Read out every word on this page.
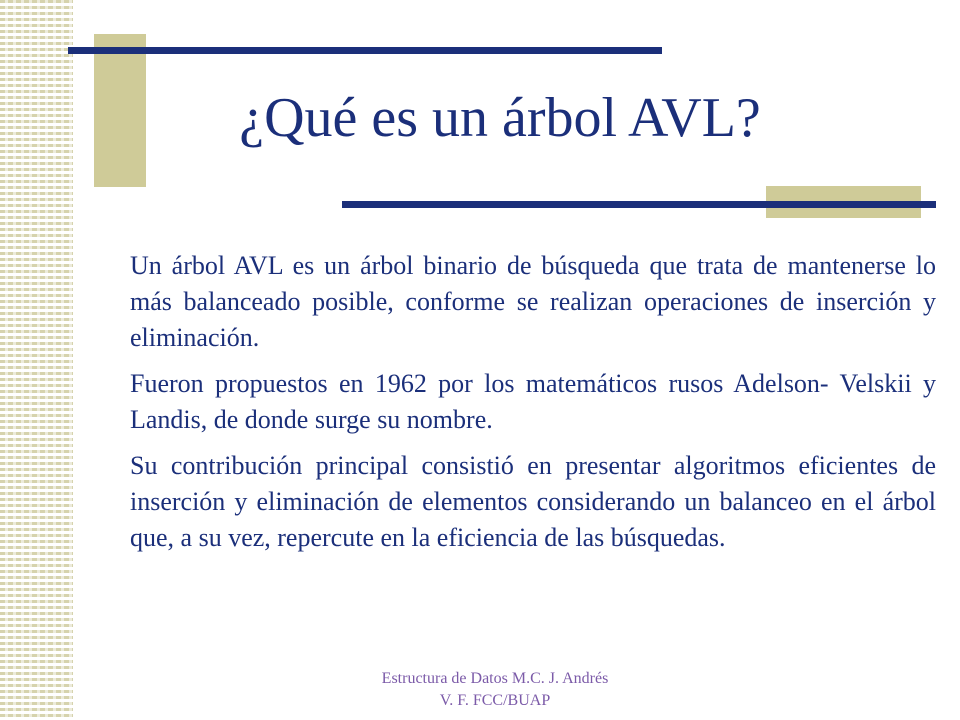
¿Qué es un árbol AVL?

Un árbol AVL es un árbol binario de búsqueda que trata de mantenerse lo más balanceado posible, conforme se realizan operaciones de inserción y eliminación.

Fueron propuestos en 1962 por los matemáticos rusos Adelson- Velskii y Landis, de donde surge su nombre.

Su contribución principal consistió en presentar algoritmos eficientes de inserción y eliminación de elementos considerando un balanceo en el árbol que, a su vez, repercute en la eficiencia de las búsquedas.

Estructura de Datos M.C. J. Andrés
V. F. FCC/BUAP
